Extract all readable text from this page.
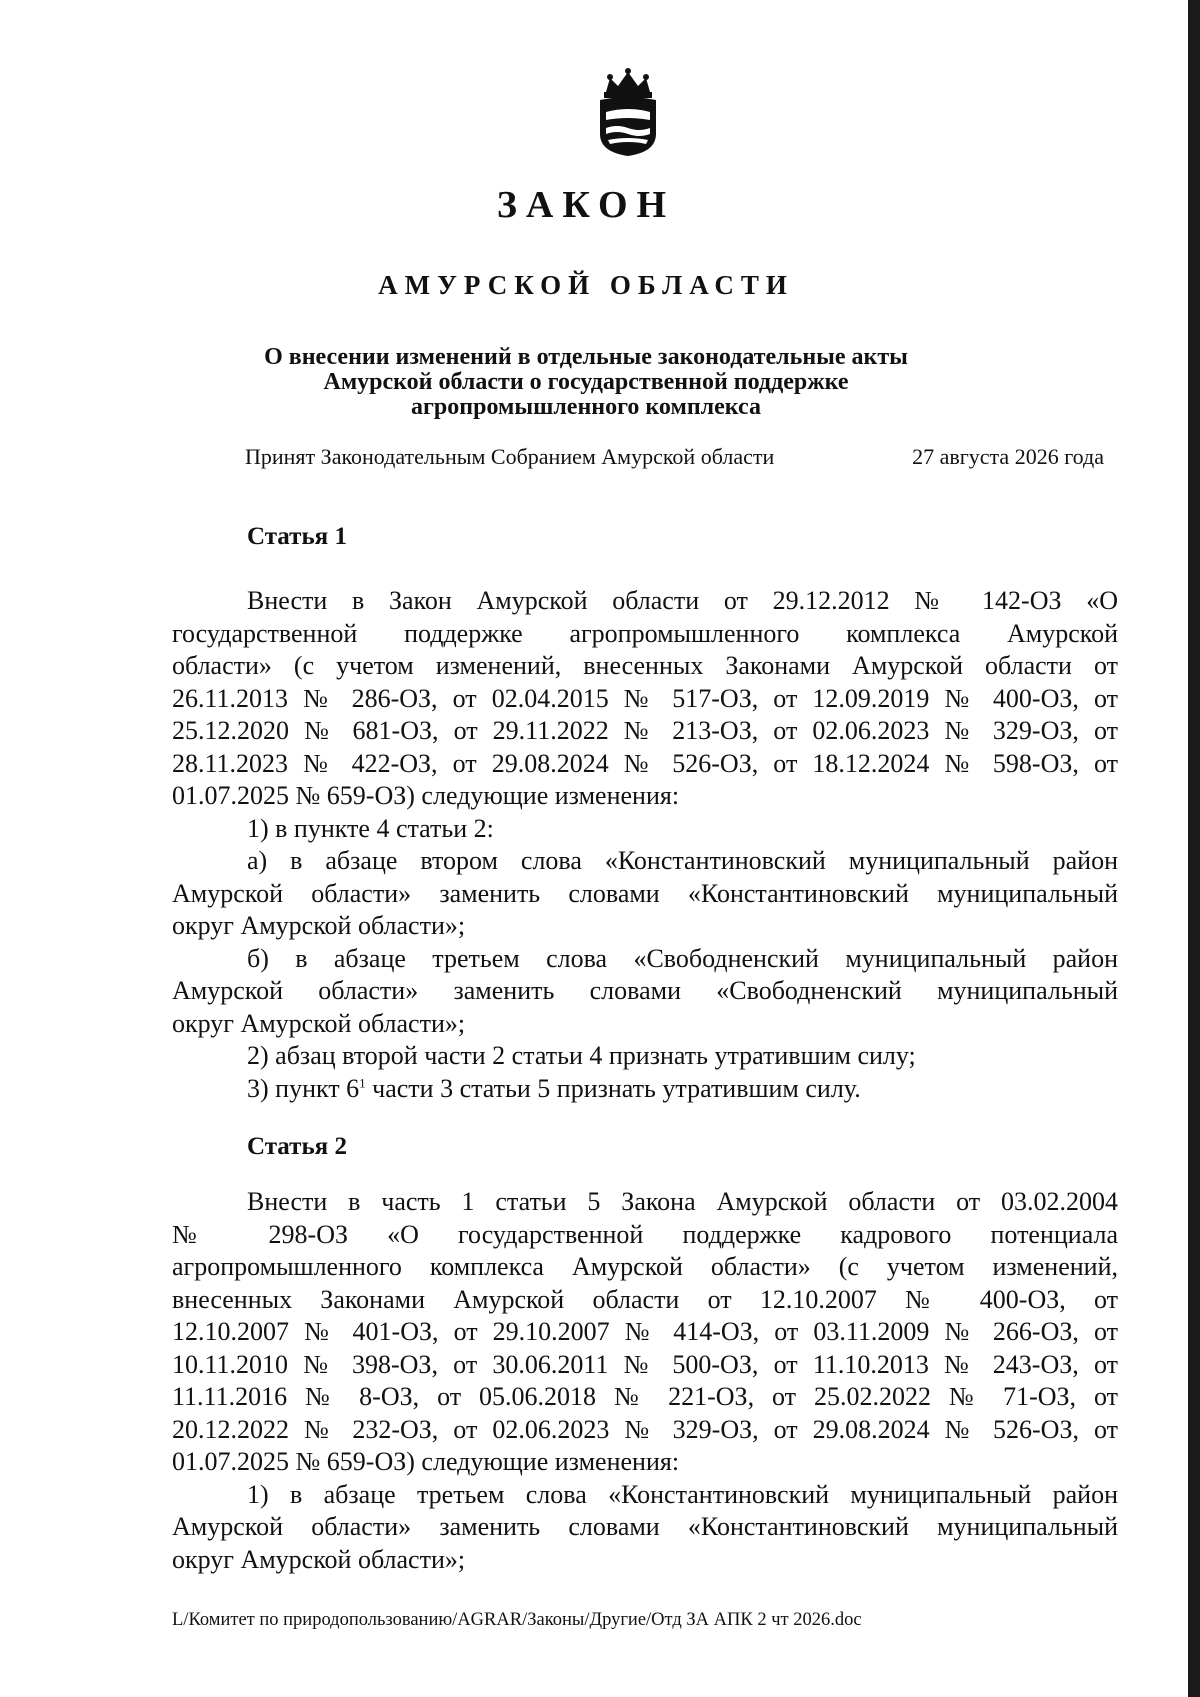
ЗАКОН
АМУРСКОЙ ОБЛАСТИ
О внесении изменений в отдельные законодательные акты
Амурской области о государственной поддержке
агропромышленного комплекса
Принят Законодательным Собранием Амурской области	27 августа 2026 года
Статья 1
Внести в Закон Амурской области от 29.12.2012 № 142-ОЗ «О
государственной поддержке агропромышленного комплекса Амурской
области» (с учетом изменений, внесенных Законами Амурской области от
26.11.2013 № 286-ОЗ, от 02.04.2015 № 517-ОЗ, от 12.09.2019 № 400-ОЗ, от
25.12.2020 № 681-ОЗ, от 29.11.2022 № 213-ОЗ, от 02.06.2023 № 329-ОЗ, от
28.11.2023 № 422-ОЗ, от 29.08.2024 № 526-ОЗ, от 18.12.2024 № 598-ОЗ, от
01.07.2025 № 659-ОЗ) следующие изменения:
1) в пункте 4 статьи 2:
а) в абзаце втором слова «Константиновский муниципальный район
Амурской области» заменить словами «Константиновский муниципальный
округ Амурской области»;
б) в абзаце третьем слова «Свободненский муниципальный район
Амурской области» заменить словами «Свободненский муниципальный
округ Амурской области»;
2) абзац второй части 2 статьи 4 признать утратившим силу;
3) пункт $6^1$ части 3 статьи 5 признать утратившим силу.
Статья 2
Внести в часть 1 статьи 5 Закона Амурской области от 03.02.2004
№ 298-ОЗ «О государственной поддержке кадрового потенциала
агропромышленного комплекса Амурской области» (с учетом изменений,
внесенных Законами Амурской области от 12.10.2007 № 400-ОЗ, от
12.10.2007 № 401-ОЗ, от 29.10.2007 № 414-ОЗ, от 03.11.2009 № 266-ОЗ, от
10.11.2010 № 398-ОЗ, от 30.06.2011 № 500-ОЗ, от 11.10.2013 № 243-ОЗ, от
11.11.2016 № 8-ОЗ, от 05.06.2018 № 221-ОЗ, от 25.02.2022 № 71-ОЗ, от
20.12.2022 № 232-ОЗ, от 02.06.2023 № 329-ОЗ, от 29.08.2024 № 526-ОЗ, от
01.07.2025 № 659-ОЗ) следующие изменения:
1) в абзаце третьем слова «Константиновский муниципальный район
Амурской области» заменить словами «Константиновский муниципальный
округ Амурской области»;
L/Комитет по природопользованию/AGRAR/Законы/Другие/Отд ЗА АПК 2 чт 2026.doc
